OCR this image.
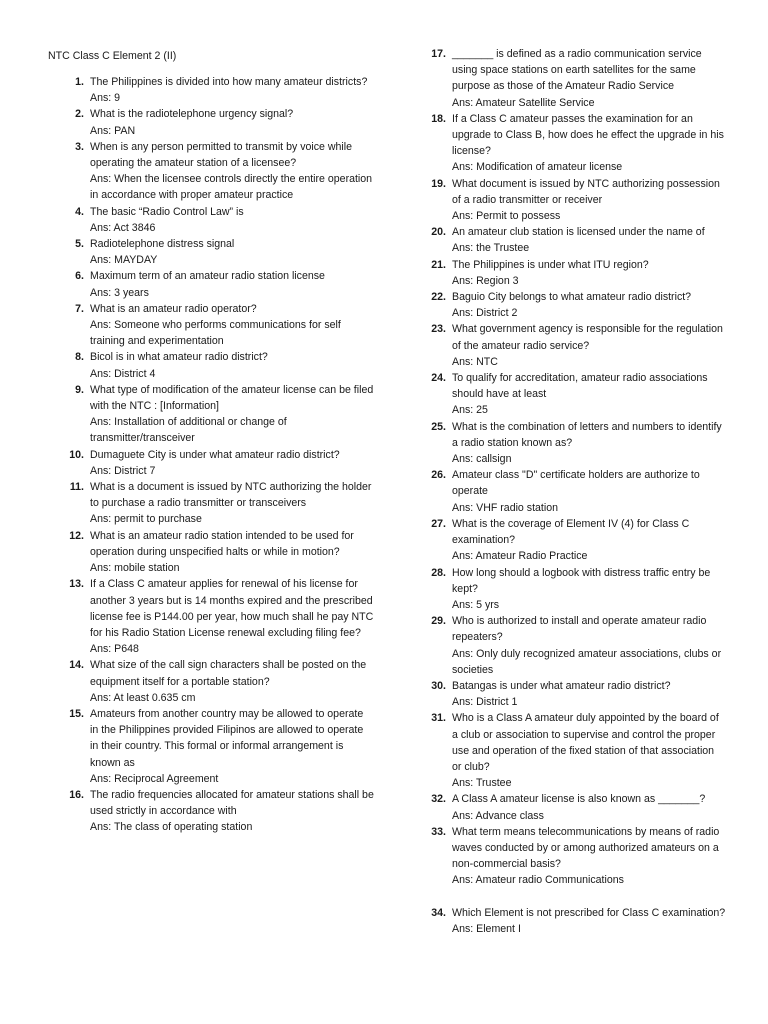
NTC Class C Element 2 (II)
1. The Philippines is divided into how many amateur districts?
Ans: 9
2. What is the radiotelephone urgency signal?
Ans: PAN
3. When is any person permitted to transmit by voice while operating the amateur station of a licensee?
Ans: When the licensee controls directly the entire operation in accordance with proper amateur practice
4. The basic “Radio Control Law” is
Ans: Act 3846
5. Radiotelephone distress signal
Ans: MAYDAY
6. Maximum term of an amateur radio station license
Ans: 3 years
7. What is an amateur radio operator?
Ans: Someone who performs communications for self training and experimentation
8. Bicol is in what amateur radio district?
Ans: District 4
9. What type of modification of the amateur license can be filed with the NTC : [Information]
Ans: Installation of additional or change of transmitter/transceiver
10. Dumaguete City is under what amateur radio district?
Ans: District 7
11. What is a document is issued by NTC authorizing the holder to purchase a radio transmitter or transceivers
Ans: permit to purchase
12. What is an amateur radio station intended to be used for operation during unspecified halts or while in motion?
Ans: mobile station
13. If a Class C amateur applies for renewal of his license for another 3 years but is 14 months expired and the prescribed license fee is P144.00 per year, how much shall he pay NTC for his Radio Station License renewal excluding filing fee?
Ans: P648
14. What size of the call sign characters shall be posted on the equipment itself for a portable station?
Ans: At least 0.635 cm
15. Amateurs from another country may be allowed to operate in the Philippines provided Filipinos are allowed to operate in their country. This formal or informal arrangement is known as
Ans: Reciprocal Agreement
16. The radio frequencies allocated for amateur stations shall be used strictly in accordance with
Ans: The class of operating station
17. _______ is defined as a radio communication service using space stations on earth satellites for the same purpose as those of the Amateur Radio Service
Ans: Amateur Satellite Service
18. If a Class C amateur passes the examination for an upgrade to Class B, how does he effect the upgrade in his license?
Ans: Modification of amateur license
19. What document is issued by NTC authorizing possession of a radio transmitter or receiver
Ans: Permit to possess
20. An amateur club station is licensed under the name of
Ans: the Trustee
21. The Philippines is under what ITU region?
Ans: Region 3
22. Baguio City belongs to what amateur radio district?
Ans: District 2
23. What government agency is responsible for the regulation of the amateur radio service?
Ans: NTC
24. To qualify for accreditation, amateur radio associations should have at least
Ans: 25
25. What is the combination of letters and numbers to identify a radio station known as?
Ans: callsign
26. Amateur class "D" certificate holders are authorize to operate
Ans: VHF radio station
27. What is the coverage of Element IV (4) for Class C examination?
Ans: Amateur Radio Practice
28. How long should a logbook with distress traffic entry be kept?
Ans: 5 yrs
29. Who is authorized to install and operate amateur radio repeaters?
Ans: Only duly recognized amateur associations, clubs or societies
30. Batangas is under what amateur radio district?
Ans: District 1
31. Who is a Class A amateur duly appointed by the board of a club or association to supervise and control the proper use and operation of the fixed station of that association or club?
Ans: Trustee
32. A Class A amateur license is also known as _______?
Ans: Advance class
33. What term means telecommunications by means of radio waves conducted by or among authorized amateurs on a non-commercial basis?
Ans: Amateur radio Communications
34. Which Element is not prescribed for Class C examination?
Ans: Element I
